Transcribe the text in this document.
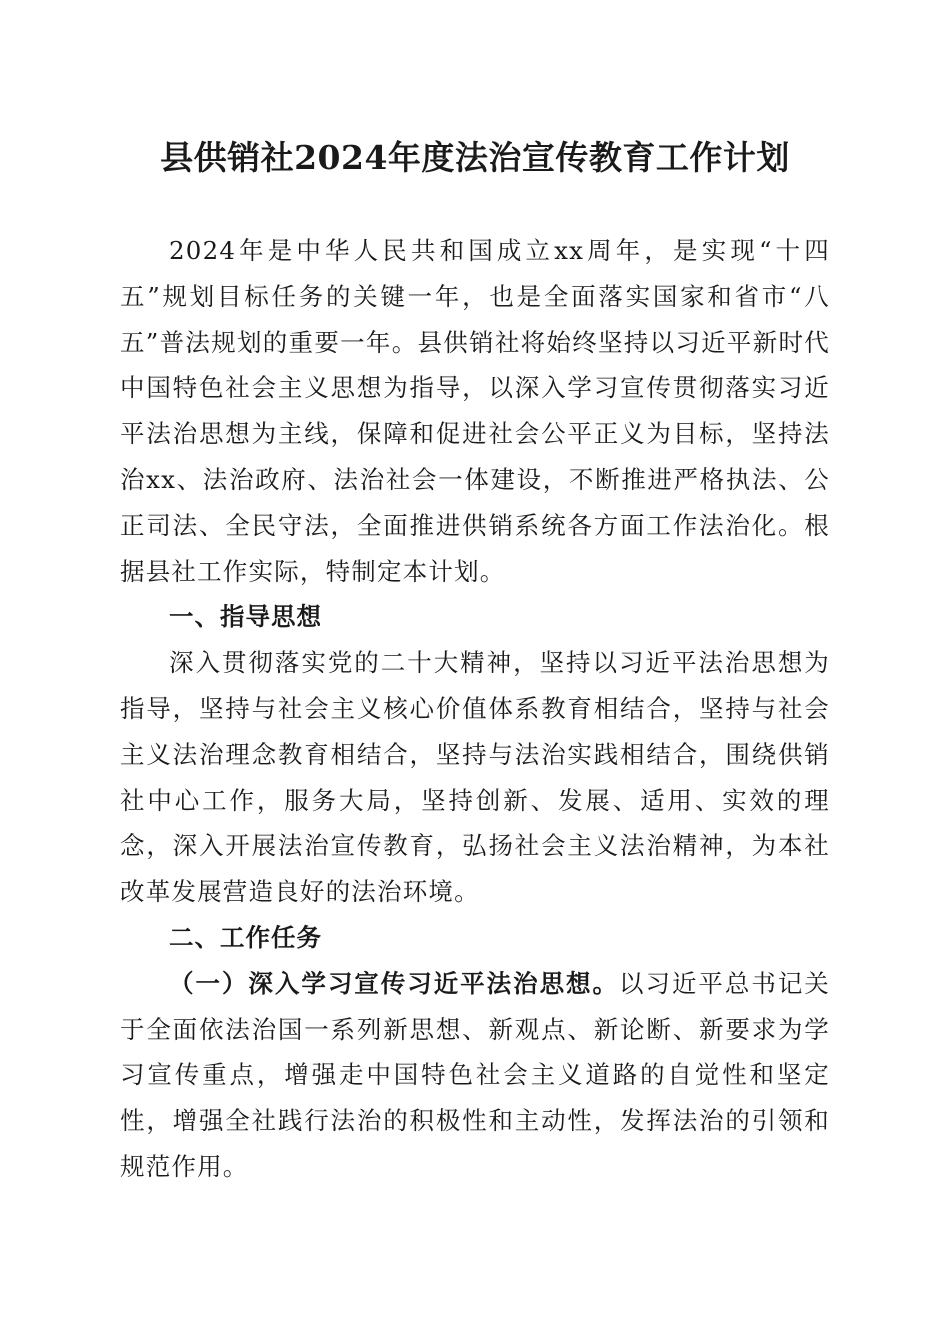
县供销社2024年度法治宣传教育工作计划

2024年是中华人民共和国成立xx周年，是实现“十四五”规划目标任务的关键一年，也是全面落实国家和省市“八五”普法规划的重要一年。县供销社将始终坚持以习近平新时代中国特色社会主义思想为指导，以深入学习宣传贯彻落实习近平法治思想为主线，保障和促进社会公平正义为目标，坚持法治xx、法治政府、法治社会一体建设，不断推进严格执法、公正司法、全民守法，全面推进供销系统各方面工作法治化。根据县社工作实际，特制定本计划。

一、指导思想

深入贯彻落实党的二十大精神，坚持以习近平法治思想为指导，坚持与社会主义核心价值体系教育相结合，坚持与社会主义法治理念教育相结合，坚持与法治实践相结合，围绕供销社中心工作，服务大局，坚持创新、发展、适用、实效的理念，深入开展法治宣传教育，弘扬社会主义法治精神，为本社改革发展营造良好的法治环境。

二、工作任务

（一）深入学习宣传习近平法治思想。以习近平总书记关于全面依法治国一系列新思想、新观点、新论断、新要求为学习宣传重点，增强走中国特色社会主义道路的自觉性和坚定性，增强全社践行法治的积极性和主动性，发挥法治的引领和规范作用。
